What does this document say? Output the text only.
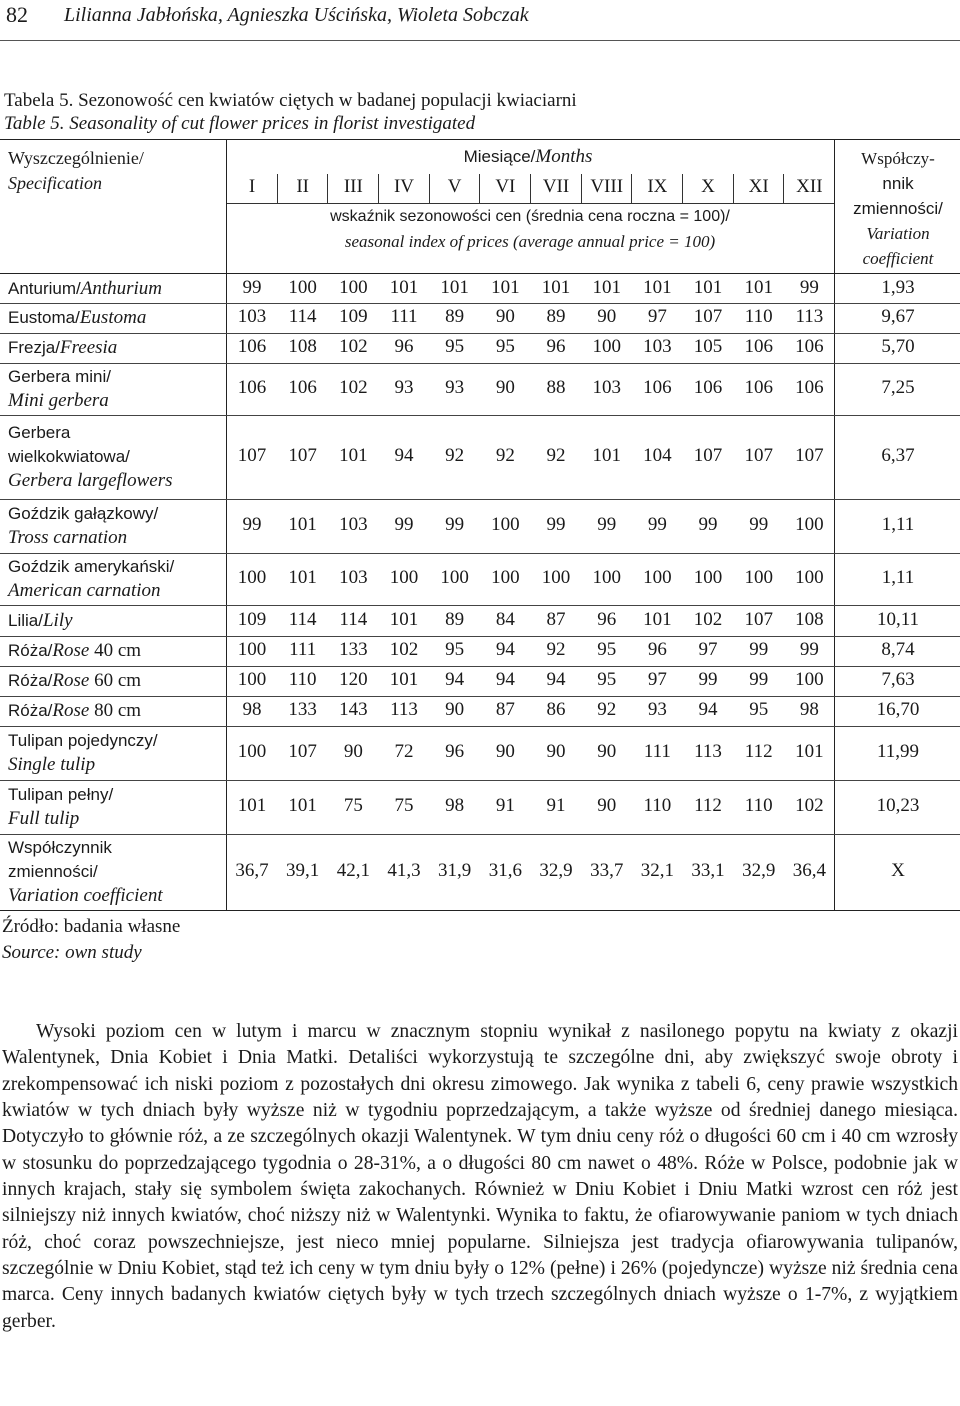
82 Lilianna Jabłońska, Agnieszka Uścińska, Wioleta Sobczak
Tabela 5. Sezonowość cen kwiatów ciętych w badanej populacji kwiaciarni
Table 5. Seasonality of cut flower prices in florist investigated
Wyszczególnienie/
Specification
Miesiące/Months
I	II	III	IV	V	VI	VII	VIII	IX	X	XI	XII
wskaźnik sezonowości cen (średnia cena roczna = 100)/
seasonal index of prices (average annual price = 100)
Współczy-
nnik
zmienności/
Variation
coefficient
Anturium/Anthurium	99	100	100	101	101	101	101	101	101	101	101	99	1,93
Eustoma/Eustoma	103	114	109	111	89	90	89	90	97	107	110	113	9,67
Frezja/Freesia	106	108	102	96	95	95	96	100	103	105	106	106	5,70
Gerbera mini/
Mini gerbera
106	106	102	93	93	90	88	103	106	106	106	106	7,25
Gerbera
wielkokwiatowa/
Gerbera largeflowers
107	107	101	94	92	92	92	101	104	107	107	107	6,37
Goździk gałązkowy/
Tross carnation
99	101	103	99	99	100	99	99	99	99	99	100	1,11
Goździk amerykański/
American carnation
100	101	103	100	100	100	100	100	100	100	100	100	1,11
Lilia/Lily	109	114	114	101	89	84	87	96	101	102	107	108	10,11
Róża/Rose 40 cm	100	111	133	102	95	94	92	95	96	97	99	99	8,74
Róża/Rose 60 cm	100	110	120	101	94	94	94	95	97	99	99	100	7,63
Róża/Rose 80 cm	98	133	143	113	90	87	86	92	93	94	95	98	16,70
Tulipan pojedynczy/
Single tulip
100	107	90	72	96	90	90	90	111	113	112	101	11,99
Tulipan pełny/
Full tulip
101	101	75	75	98	91	91	90	110	112	110	102	10,23
Współczynnik
zmienności/
Variation coefficient
36,7 39,1 42,1 41,3 31,9 31,6 32,9 33,7 32,1 33,1 32,9 36,4	X
Źródło: badania własne
Source: own study

Wysoki poziom cen w lutym i marcu w znacznym stopniu wynikał z nasilonego popytu na kwiaty z okazji Walentynek, Dnia Kobiet i Dnia Matki. Detaliści wykorzystują te szczególne dni, aby zwiększyć swoje obroty i zrekompensować ich niski poziom z pozostałych dni okresu zimowego. Jak wynika z tabeli 6, ceny prawie wszystkich kwiatów w tych dniach były wyższe niż w tygodniu poprzedzającym, a także wyższe od średniej danego miesiąca. Dotyczyło to głównie róż, a ze szczególnych okazji Walentynek. W tym dniu ceny róż o długości 60 cm i 40 cm wzrosły w stosunku do poprzedzającego tygodnia o 28-31%, a o długości 80 cm nawet o 48%. Róże w Polsce, podobnie jak w innych krajach, stały się symbolem święta zakochanych. Również w Dniu Kobiet i Dniu Matki wzrost cen róż jest silniejszy niż innych kwiatów, choć niższy niż w Walentynki. Wynika to faktu, że ofiarowywanie paniom w tych dniach róż, choć coraz powszechniejsze, jest nieco mniej popularne. Silniejsza jest tradycja ofiarowywania tulipanów, szczególnie w Dniu Kobiet, stąd też ich ceny w tym dniu były o 12% (pełne) i 26% (pojedyncze) wyższe niż średnia cena marca. Ceny innych badanych kwiatów ciętych były w tych trzech szczególnych dniach wyższe o 1-7%, z wyjątkiem gerber.
